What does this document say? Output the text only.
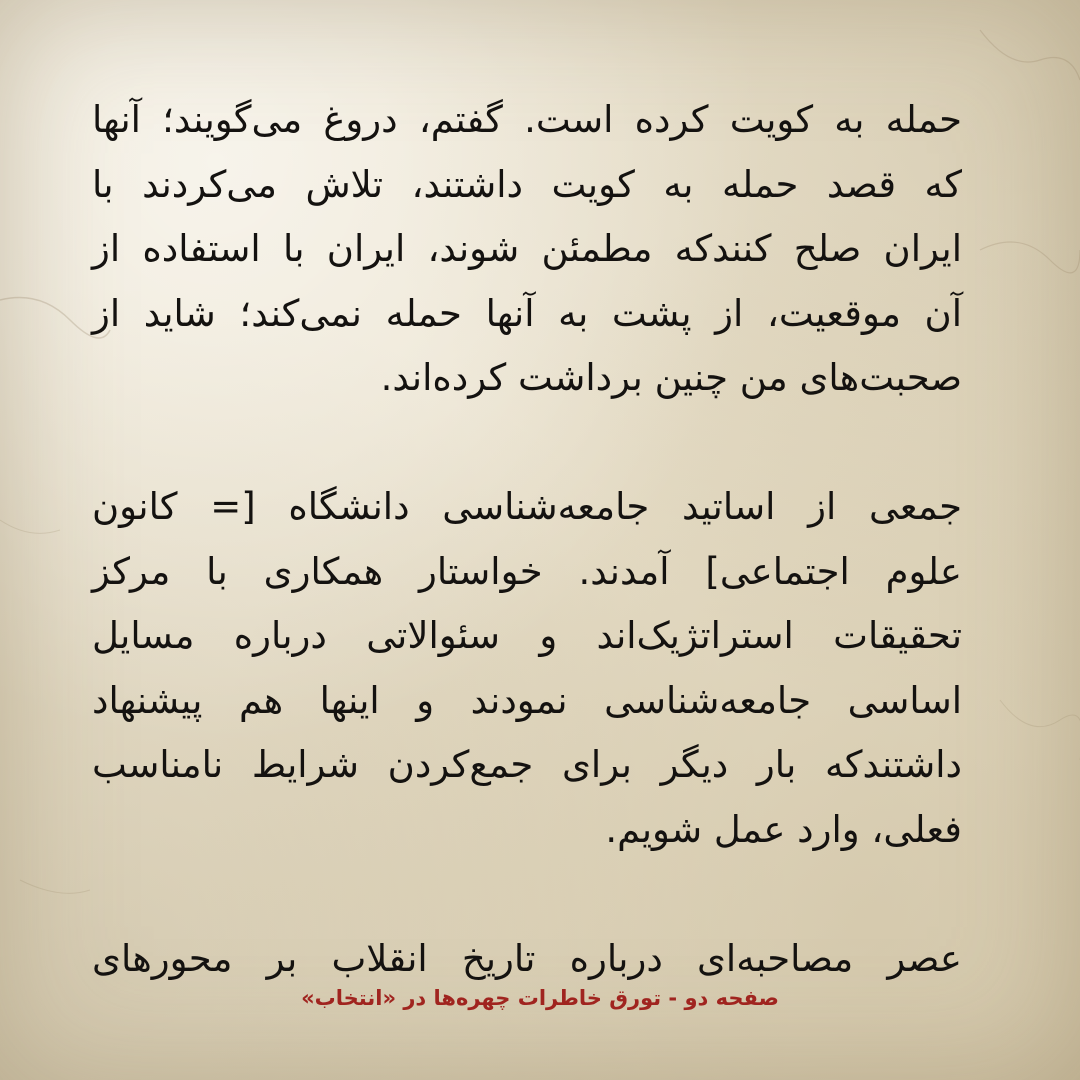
حمله به کویت کرده است. گفتم، دروغ می‌گویند؛ آنها
که قصد حمله به کویت داشتند، تلاش می‌کردند با
ایران صلح کنندکه مطمئن شوند، ایران با استفاده از
آن موقعیت، از پشت به آنها حمله نمی‌کند؛ شاید از
صحبت‌های من چنین برداشت کرده‌اند.
جمعی از اساتید جامعه‌شناسی دانشگاه [= کانون
علوم اجتماعی] آمدند. خواستار همکاری با مرکز
تحقیقات استراتژیک‌اند و سئوالاتی درباره مسایل
اساسی جامعه‌شناسی نمودند و اینها هم پیشنهاد
داشتندکه بار دیگر برای جمع‌کردن شرایط نامناسب
فعلی، وارد عمل شویم.
عصر مصاحبه‌ای درباره تاریخ انقلاب بر محورهای
صفحه دو - تورق خاطرات چهره‌ها در «انتخاب»
